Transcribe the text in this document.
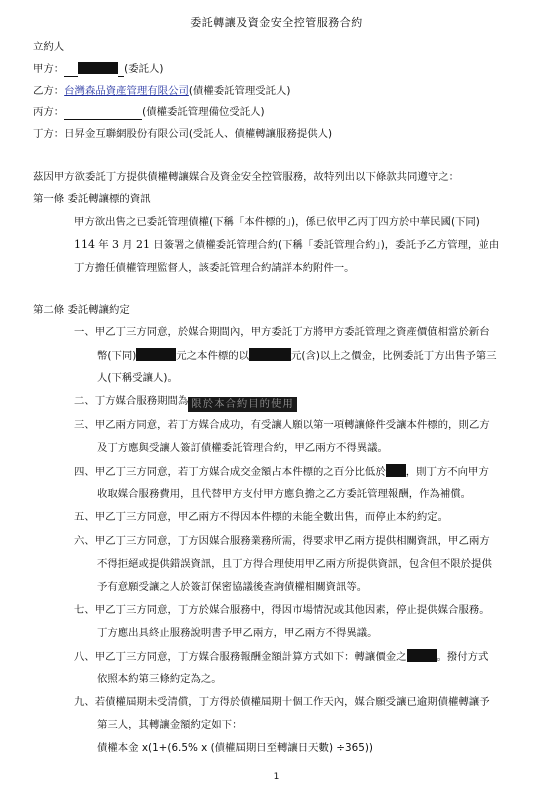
委託轉讓及資金安全控管服務合約
立約人
甲方：	(委託人)
乙方：台灣森品資產管理有限公司(債權委託管理受託人)
丙方：	(債權委託管理備位受託人)
丁方：日昇金互聯網股份有限公司(受託人、債權轉讓服務提供人)
茲因甲方欲委託丁方提供債權轉讓媒合及資金安全控管服務，故特列出以下條款共同遵守之：
第一條 委託轉讓標的資訊
甲方欲出售之已委託管理債權(下稱「本件標的」)，係已依甲乙丙丁四方於中華民國(下同)
114 年 3 月 21 日簽署之債權委託管理合約(下稱「委託管理合約」)，委託予乙方管理，並由
丁方擔任債權管理監督人，該委託管理合約請詳本約附件一。
第二條 委託轉讓約定
一、甲乙丁三方同意，於媒合期間內，甲方委託丁方將甲方委託管理之資產價值相當於新台
幣(下同)	元之本件標的以	元(含)以上之價金，比例委託丁方出售予第三
人(下稱受讓人)。
二、丁方媒合服務期間為 限於本合約目的使用
三、甲乙兩方同意，若丁方媒合成功，有受讓人願以第一項轉讓條件受讓本件標的，則乙方
及丁方應與受讓人簽訂債權委託管理合約，甲乙兩方不得異議。
四、甲乙丁三方同意，若丁方媒合成交金額占本件標的之百分比低於 ，則丁方不向甲方
收取媒合服務費用，且代替甲方支付甲方應負擔之乙方委託管理報酬，作為補償。
五、甲乙丁三方同意，甲乙兩方不得因本件標的未能全數出售，而停止本約約定。
六、甲乙丁三方同意，丁方因媒合服務業務所需，得要求甲乙兩方提供相關資訊，甲乙兩方
不得拒絕或提供錯誤資訊，且丁方得合理使用甲乙兩方所提供資訊，包含但不限於提供
予有意願受讓之人於簽訂保密協議後查詢債權相關資訊等。
七、甲乙丁三方同意，丁方於媒合服務中，得因市場情況或其他因素，停止提供媒合服務。
丁方應出具終止服務說明書予甲乙兩方，甲乙兩方不得異議。
八、甲乙丁三方同意，丁方媒合服務報酬金額計算方式如下：轉讓價金之	。撥付方式
依照本約第三條約定為之。
九、若債權屆期未受清償，丁方得於債權屆期十個工作天內，媒合願受讓已逾期債權轉讓予
第三人，其轉讓金額約定如下：
債權本金 x(1+(6.5% x (債權屆期日至轉讓日天數) ÷365))
1
